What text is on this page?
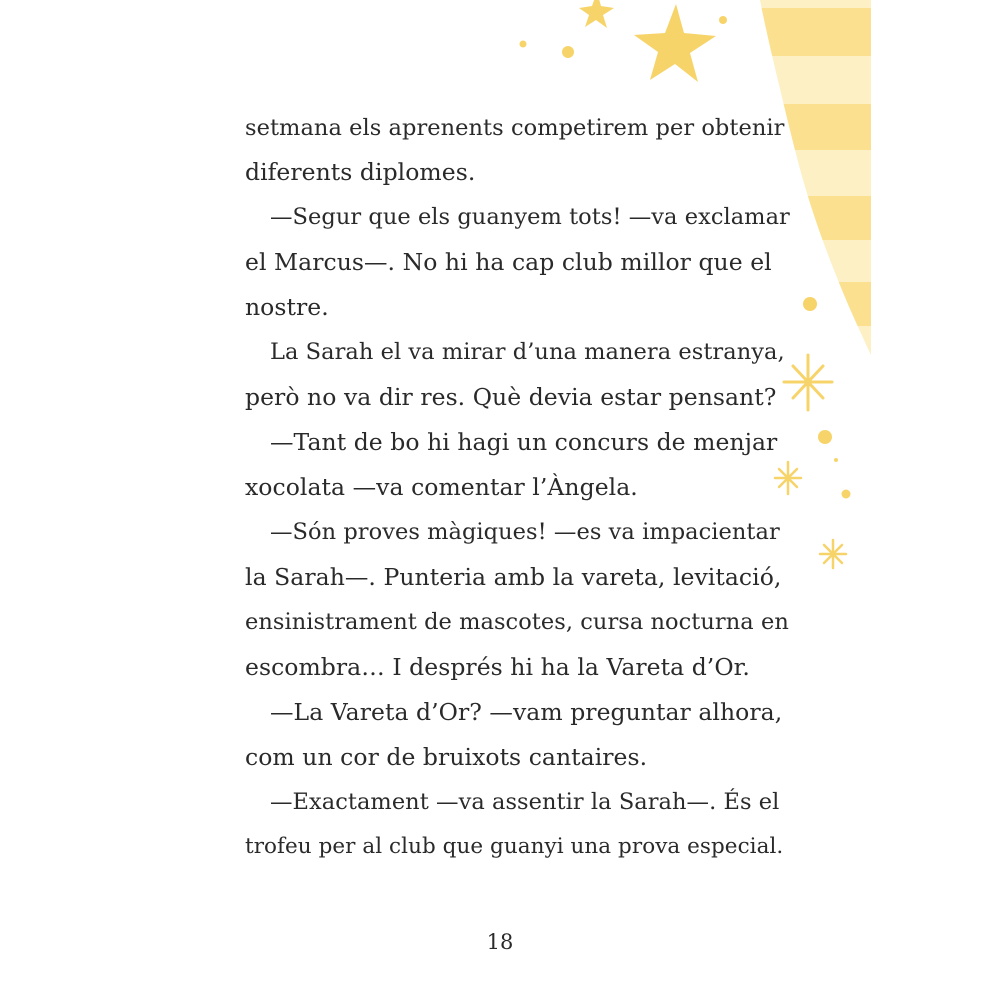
setmana els aprenents competirem per obtenir

diferents diplomes.

—Segur que els guanyem tots! —va exclamar

el Marcus—. No hi ha cap club millor que el

nostre.

La Sarah el va mirar d’una manera estranya,

però no va dir res. Què devia estar pensant?

—Tant de bo hi hagi un concurs de menjar

xocolata —va comentar l’Àngela.

—Són proves màgiques! —es va impacientar

la Sarah—. Punteria amb la vareta, levitació,

ensinistrament de mascotes, cursa nocturna en

escombra… I després hi ha la Vareta d’Or.

—La Vareta d’Or? —vam preguntar alhora,

com un cor de bruixots cantaires.

—Exactament —va assentir la Sarah—. És el

trofeu per al club que guanyi una prova especial.

18
